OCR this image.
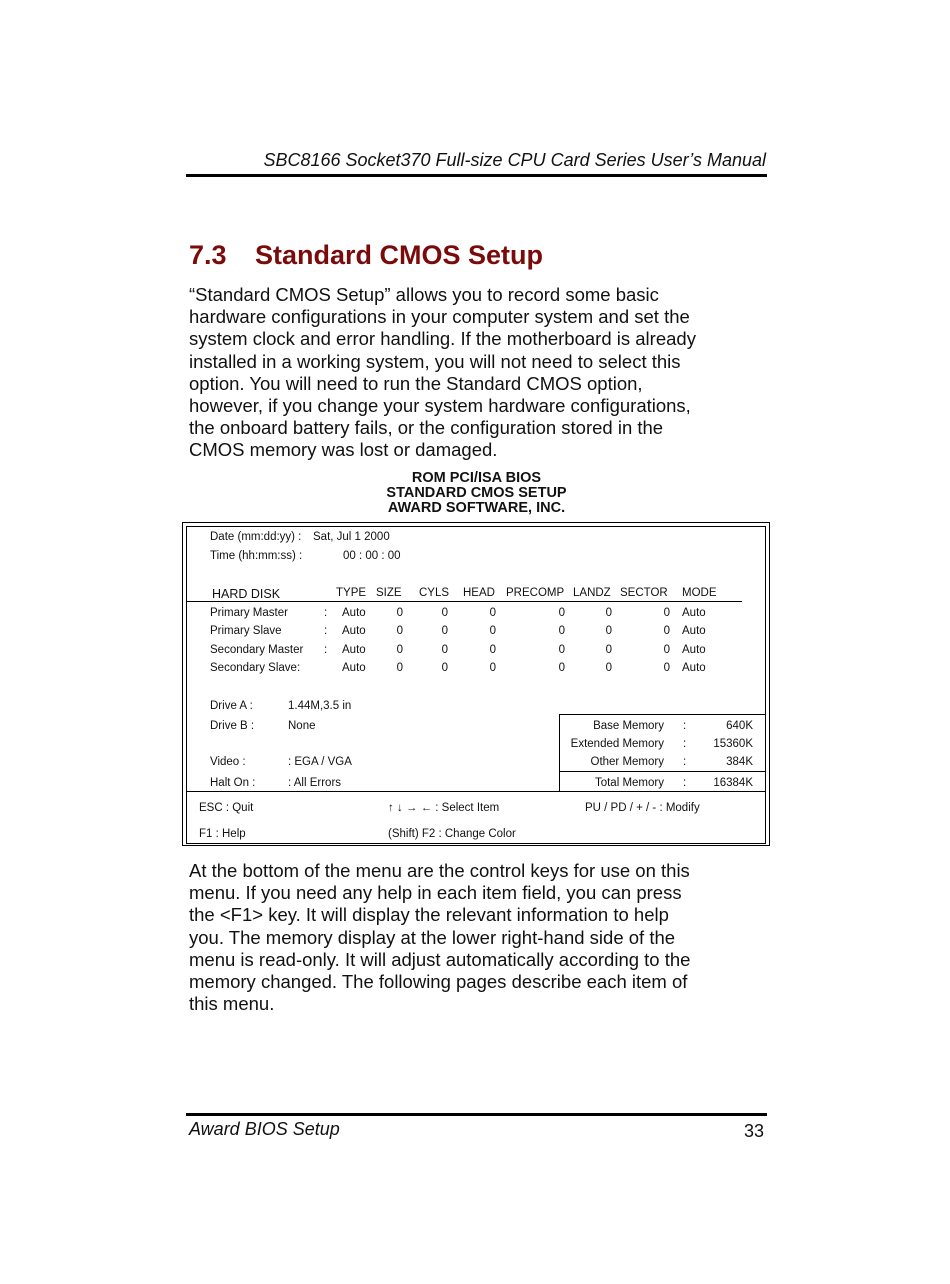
SBC8166 Socket370 Full-size CPU Card Series User’s Manual
7.3 Standard CMOS Setup
“Standard CMOS Setup” allows you to record some basic
hardware configurations in your computer system and set the
system clock and error handling. If the motherboard is already
installed in a working system, you will not need to select this
option. You will need to run the Standard CMOS option,
however, if you change your system hardware configurations,
the onboard battery fails, or the configuration stored in the
CMOS memory was lost or damaged.
ROM PCI/ISA BIOS
STANDARD CMOS SETUP
AWARD SOFTWARE, INC.
Date (mm:dd:yy) : Sat, Jul 1 2000
Time (hh:mm:ss) :	00 : 00 : 00
HARD DISK	TYPE SIZE CYLS HEAD PRECOMP LANDZ SECTOR MODE
Primary Master	: Auto	0	0	0	0	0	0 Auto
Primary Slave	: Auto	0	0	0	0	0	0 Auto
Secondary Master : Auto	0	0	0	0	0	0 Auto
Secondary Slave:	Auto	0	0	0	0	0	0 Auto
Drive A :	1.44M,3.5 in
Drive B :	None
Video :	: EGA / VGA
Halt On :	: All Errors
Base Memory :	640K
Extended Memory :	15360K
Other Memory :	384K
Total Memory :	16384K
ESC : Quit
F1 : Help
↑ ↓ → ← : Select Item
(Shift) F2 : Change Color
PU / PD / + / - : Modify
At the bottom of the menu are the control keys for use on this
menu. If you need any help in each item field, you can press
the <F1> key. It will display the relevant information to help
you. The memory display at the lower right-hand side of the
menu is read-only. It will adjust automatically according to the
memory changed. The following pages describe each item of
this menu.
Award BIOS Setup	33
